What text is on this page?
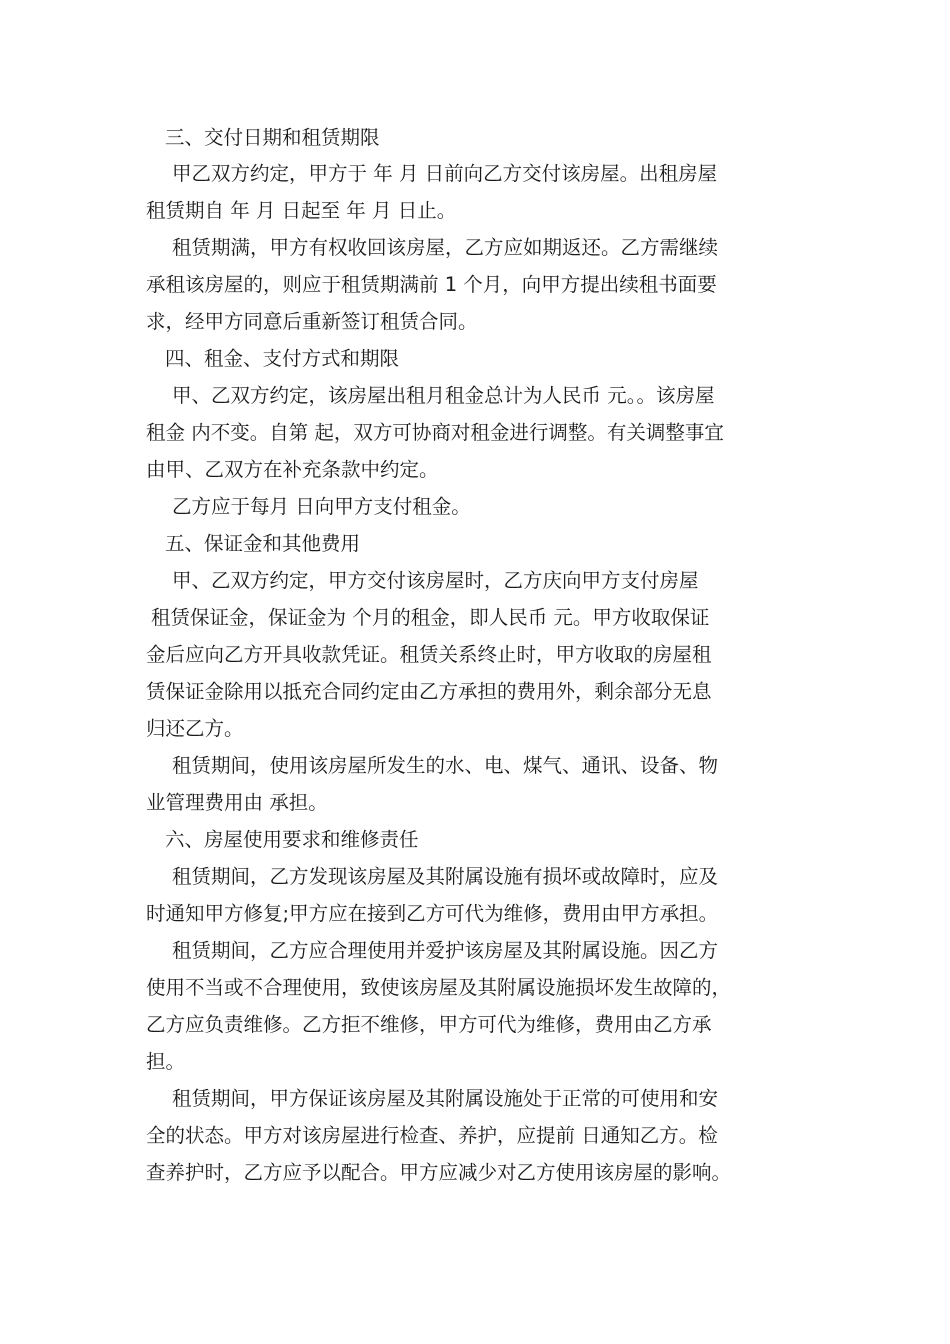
三、交付日期和租赁期限
甲乙双方约定，甲方于 年 月 日前向乙方交付该房屋。出租房屋
租赁期自 年 月 日起至 年 月 日止。
租赁期满，甲方有权收回该房屋，乙方应如期返还。乙方需继续
承租该房屋的，则应于租赁期满前 1 个月，向甲方提出续租书面要
求，经甲方同意后重新签订租赁合同。
四、租金、支付方式和期限
甲、乙双方约定，该房屋出租月租金总计为人民币 元。。该房屋
租金 内不变。自第 起，双方可协商对租金进行调整。有关调整事宜
由甲、乙双方在补充条款中约定。
乙方应于每月 日向甲方支付租金。
五、保证金和其他费用
甲、乙双方约定，甲方交付该房屋时，乙方庆向甲方支付房屋
租赁保证金，保证金为 个月的租金，即人民币 元。甲方收取保证
金后应向乙方开具收款凭证。租赁关系终止时，甲方收取的房屋租
赁保证金除用以抵充合同约定由乙方承担的费用外，剩余部分无息
归还乙方。
租赁期间，使用该房屋所发生的水、电、煤气、通讯、设备、物
业管理费用由 承担。
六、房屋使用要求和维修责任
租赁期间，乙方发现该房屋及其附属设施有损坏或故障时，应及
时通知甲方修复;甲方应在接到乙方可代为维修，费用由甲方承担。
租赁期间，乙方应合理使用并爱护该房屋及其附属设施。因乙方
使用不当或不合理使用，致使该房屋及其附属设施损坏发生故障的，
乙方应负责维修。乙方拒不维修，甲方可代为维修，费用由乙方承
担。
租赁期间，甲方保证该房屋及其附属设施处于正常的可使用和安
全的状态。甲方对该房屋进行检查、养护，应提前 日通知乙方。检
查养护时，乙方应予以配合。甲方应减少对乙方使用该房屋的影响。
